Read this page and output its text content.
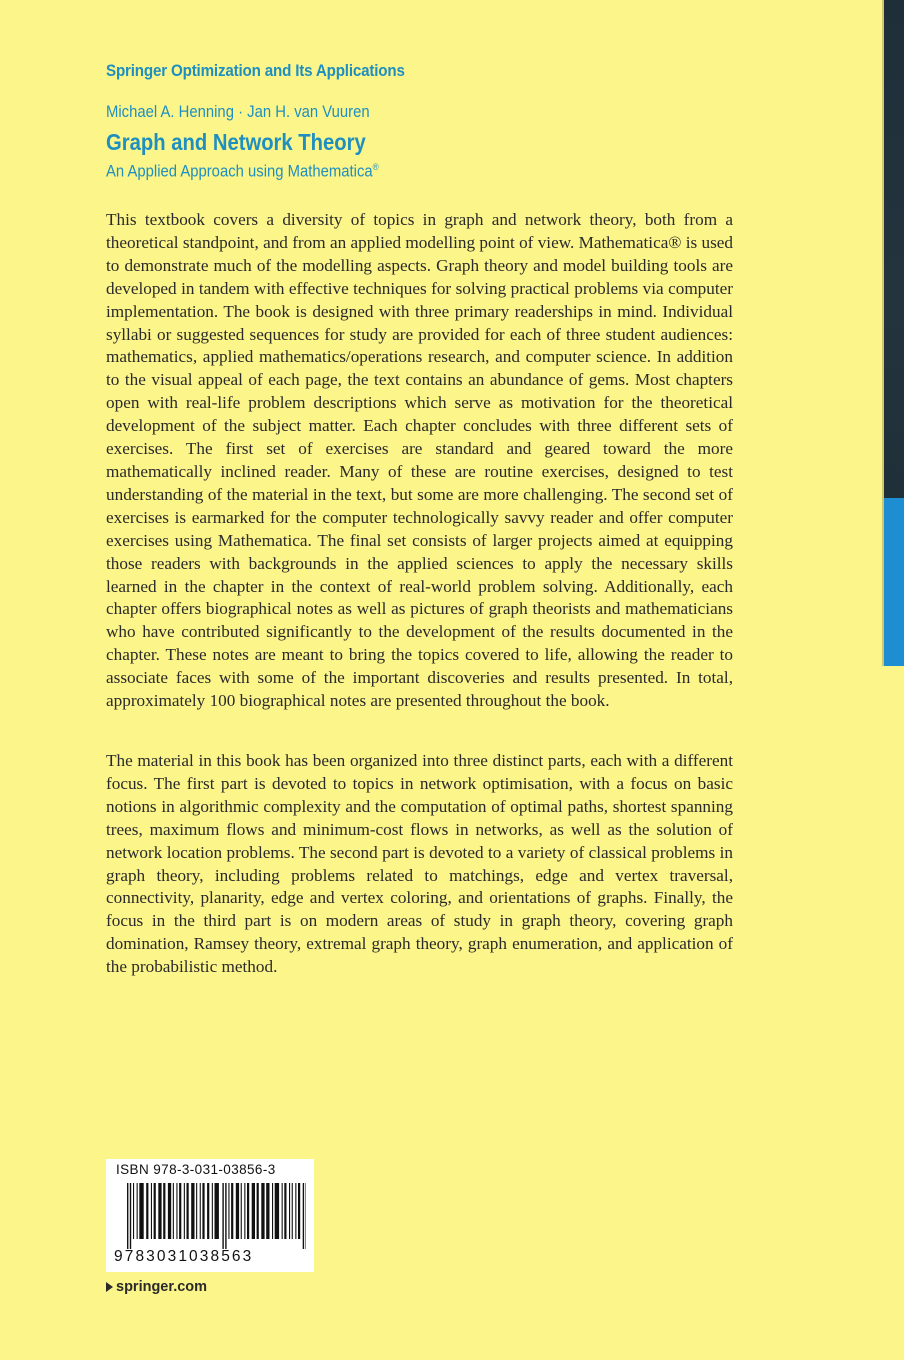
Springer Optimization and Its Applications
Michael A. Henning · Jan H. van Vuuren
Graph and Network Theory
An Applied Approach using Mathematica®

This textbook covers a diversity of topics in graph and network theory, both from a theoretical standpoint, and from an applied modelling point of view. Mathematica® is used to demonstrate much of the modelling aspects. Graph theory and model building tools are developed in tandem with effective techniques for solving practical problems via computer implementation. The book is designed with three primary readerships in mind. Individual syllabi or suggested sequences for study are provided for each of three student audiences: mathematics, applied mathematics/operations research, and computer science. In addition to the visual appeal of each page, the text contains an abundance of gems. Most chapters open with real-life problem descriptions which serve as motivation for the theoretical development of the subject matter. Each chapter concludes with three different sets of exercises. The first set of exercises are standard and geared toward the more mathematically inclined reader. Many of these are routine exercises, designed to test understanding of the material in the text, but some are more challenging. The second set of exercises is earmarked for the computer technologically savvy reader and offer computer exercises using Mathematica. The final set consists of larger projects aimed at equipping those readers with backgrounds in the applied sciences to apply the necessary skills learned in the chapter in the context of real-world problem solving. Additionally, each chapter offers biographical notes as well as pictures of graph theorists and mathematicians who have contributed significantly to the development of the results documented in the chapter. These notes are meant to bring the topics covered to life, allowing the reader to associate faces with some of the important discoveries and results presented. In total, approximately 100 biographical notes are presented throughout the book.

The material in this book has been organized into three distinct parts, each with a different focus. The first part is devoted to topics in network optimisation, with a focus on basic notions in algorithmic complexity and the computation of optimal paths, shortest spanning trees, maximum flows and minimum-cost flows in networks, as well as the solution of network location problems. The second part is devoted to a variety of classical problems in graph theory, including problems related to matchings, edge and vertex traversal, connectivity, planarity, edge and vertex coloring, and orientations of graphs. Finally, the focus in the third part is on modern areas of study in graph theory, covering graph domination, Ramsey theory, extremal graph theory, graph enumeration, and application of the probabilistic method.

ISBN 978-3-031-03856-3
9783031038563
springer.com
